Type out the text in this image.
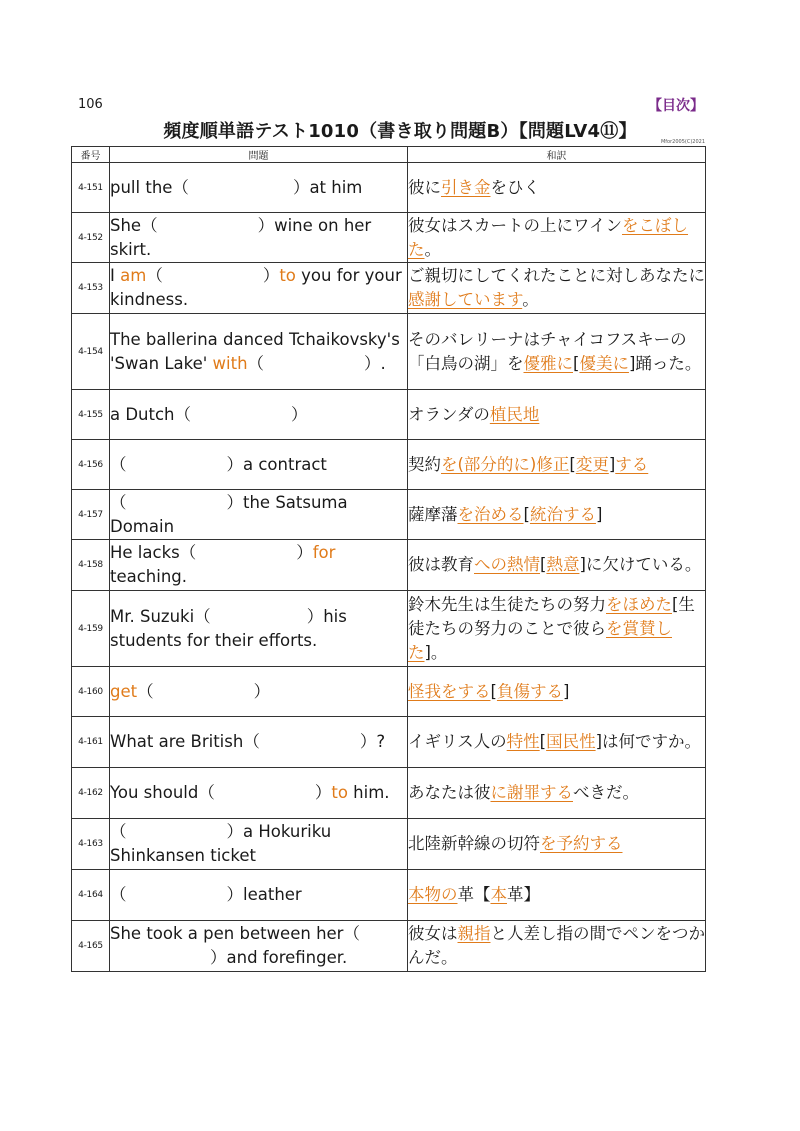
106	【目次】
頻度順単語テスト1010（書き取り問題B）【問題LV4⑪】	Mfor2005(C)2021
番号	問題	和訳
4-151	pull the（ ）at him	彼に引き金をひく
4-152	She（ ）wine on her skirt.	彼女はスカートの上にワインをこぼした。
4-153	I am（ ）to you for your kindness.	ご親切にしてくれたことに対しあなたに感謝しています。
4-154	The ballerina danced Tchaikovsky's 'Swan Lake' with（ ）.	そのバレリーナはチャイコフスキーの「白鳥の湖」を優雅に[優美に]踊った。
4-155	a Dutch（ ）	オランダの植民地
4-156	（ ）a contract	契約を(部分的に)修正[変更]する
4-157	（ ）the Satsuma Domain	薩摩藩を治める[統治する]
4-158	He lacks（ ）for teaching.	彼は教育への熱情[熱意]に欠けている。
4-159	Mr. Suzuki（ ）his students for their efforts.	鈴木先生は生徒たちの努力をほめた[生徒たちの努力のことで彼らを賞賛した]。
4-160	get（ ）	怪我をする[負傷する]
4-161	What are British（ ）?	イギリス人の特性[国民性]は何ですか。
4-162	You should（ ）to him.	あなたは彼に謝罪するべきだ。
4-163	（ ）a Hokuriku Shinkansen ticket	北陸新幹線の切符を予約する
4-164	（ ）leather	本物の革【本革】
4-165	She took a pen between her（）and forefinger.	彼女は親指と人差し指の間でペンをつかんだ。
